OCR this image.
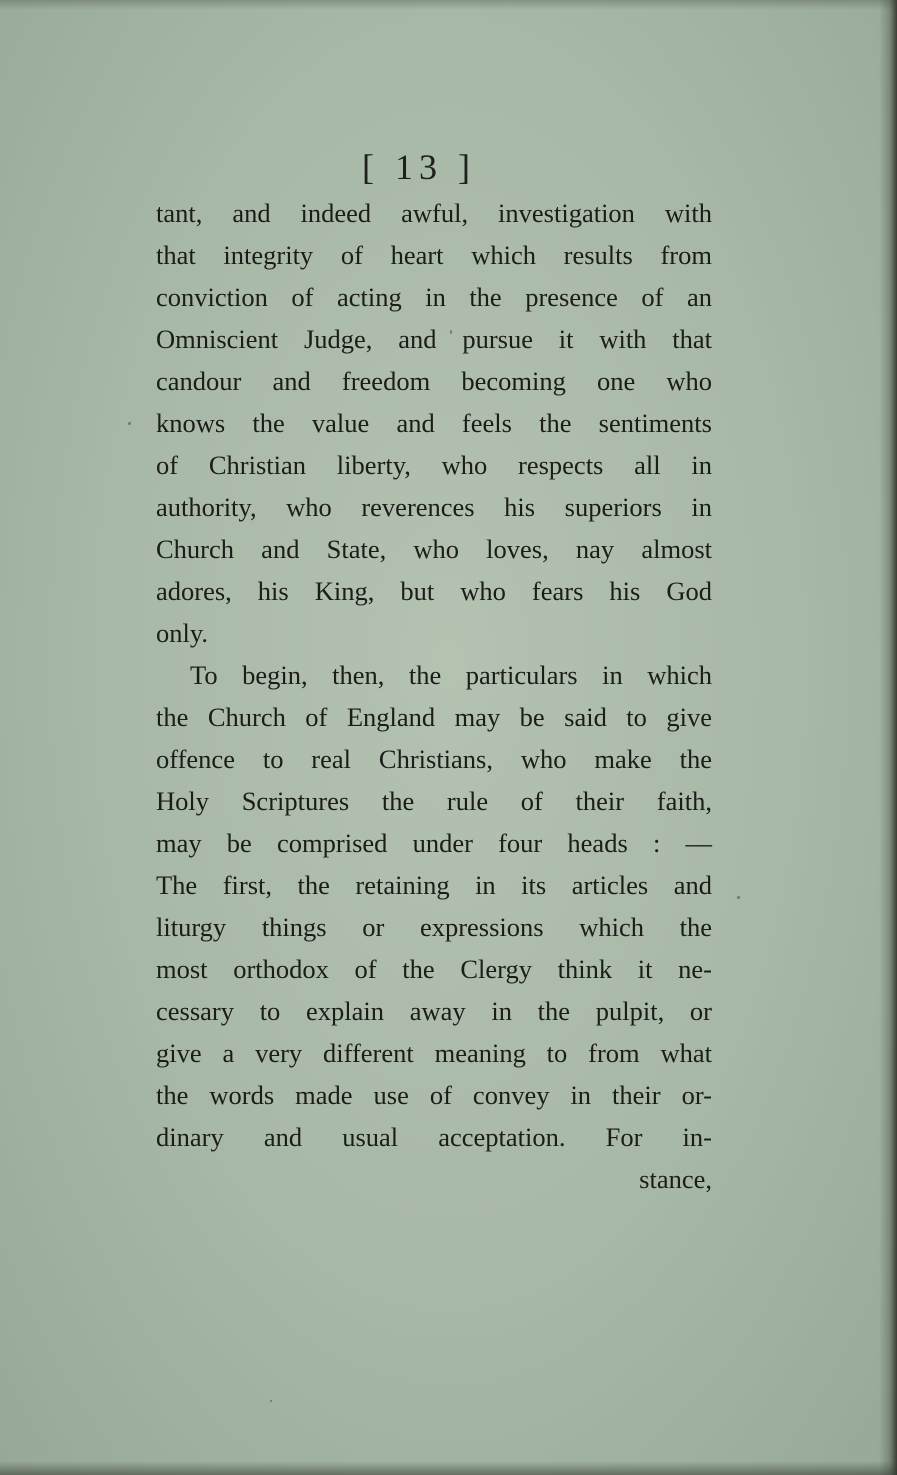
[ 13 ]
tant, and indeed awful, investigation with
that integrity of heart which results from
conviction of acting in the presence of an
Omniscient Judge, and pursue it with that
candour and freedom becoming one who
knows the value and feels the sentiments
of Christian liberty, who respects all in
authority, who reverences his superiors in
Church and State, who loves, nay almost
adores, his King, but who fears his God
only.
To begin, then, the particulars in which
the Church of England may be said to give
offence to real Christians, who make the
Holy Scriptures the rule of their faith,
may be comprised under four heads : —
The first, the retaining in its articles and
liturgy things or expressions which the
most orthodox of the Clergy think it ne-
cessary to explain away in the pulpit, or
give a very different meaning to from what
the words made use of convey in their or-
dinary and usual acceptation. For in-
stance,
